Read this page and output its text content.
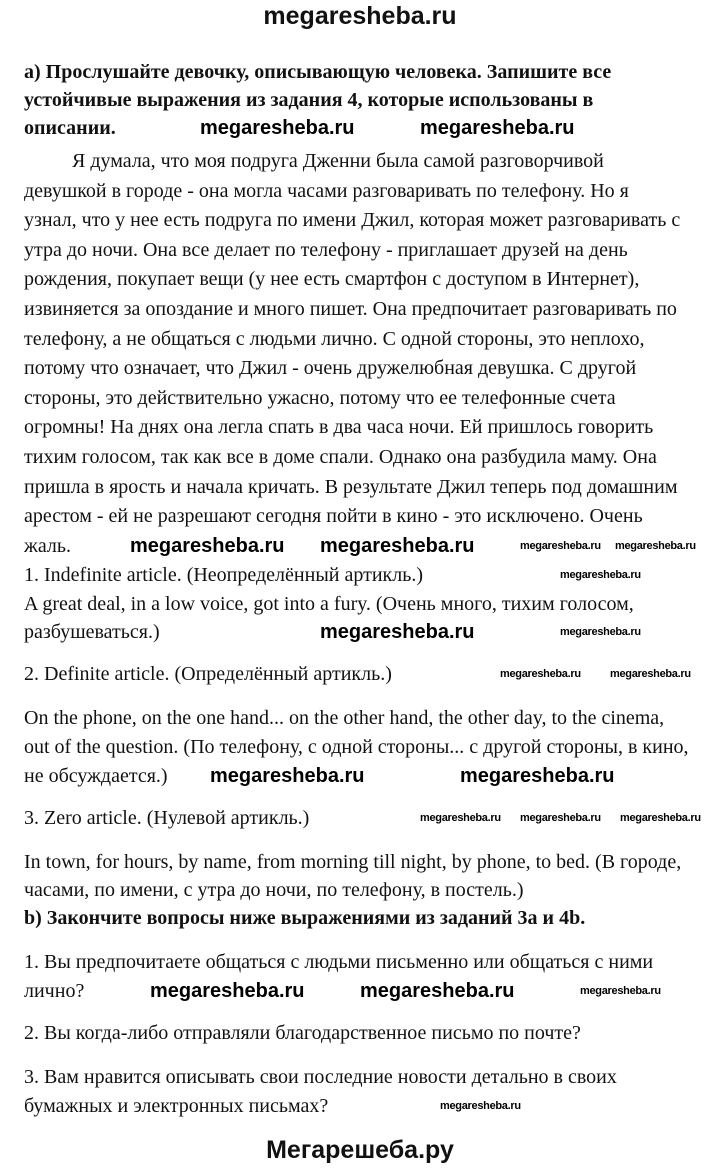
megaresheba.ru
а) Прослушайте девочку, описывающую человека. Запишите все
устойчивые выражения из задания 4, которые использованы в
описании.
Я думала, что моя подруга Дженни была самой разговорчивой
девушкой в городе - она могла часами разговаривать по телефону. Но я
узнал, что у нее есть подруга по имени Джил, которая может разговаривать с
утра до ночи. Она все делает по телефону - приглашает друзей на день
рождения, покупает вещи (у нее есть смартфон с доступом в Интернет),
извиняется за опоздание и много пишет. Она предпочитает разговаривать по
телефону, а не общаться с людьми лично. С одной стороны, это неплохо,
потому что означает, что Джил - очень дружелюбная девушка. С другой
стороны, это действительно ужасно, потому что ее телефонные счета
огромны! На днях она легла спать в два часа ночи. Ей пришлось говорить
тихим голосом, так как все в доме спали. Однако она разбудила маму. Она
пришла в ярость и начала кричать. В результате Джил теперь под домашним
арестом - ей не разрешают сегодня пойти в кино - это исключено. Очень
жаль.
1. Indefinite article. (Неопределённый артикль.)
A great deal, in a low voice, got into a fury. (Очень много, тихим голосом,
разбушеваться.)
2. Definite article. (Определённый артикль.)
On the phone, on the one hand... on the other hand, the other day, to the cinema,
out of the question. (По телефону, с одной стороны... с другой стороны, в кино,
не обсуждается.)
3. Zero article. (Нулевой артикль.)
In town, for hours, by name, from morning till night, by phone, to bed. (В городе,
часами, по имени, с утра до ночи, по телефону, в постель.)
b) Закончите вопросы ниже выражениями из заданий 3а и 4b.
1. Вы предпочитаете общаться с людьми письменно или общаться с ними
лично?
2. Вы когда-либо отправляли благодарственное письмо по почте?
3. Вам нравится описывать свои последние новости детально в своих
бумажных и электронных письмах?
megaresheba.ru	megaresheba.ru
megaresheba.ru megaresheba.ru
megaresheba.ru
megaresheba.ru	megaresheba.ru
megaresheba.ru	megaresheba.ru
megaresheba.ru megaresheba.ru
megaresheba.ru
megaresheba.ru
megaresheba.ru	megaresheba.ru
megaresheba.ru megaresheba.ru megaresheba.ru
megaresheba.ru
megaresheba.ru
Мегарешеба.ру
